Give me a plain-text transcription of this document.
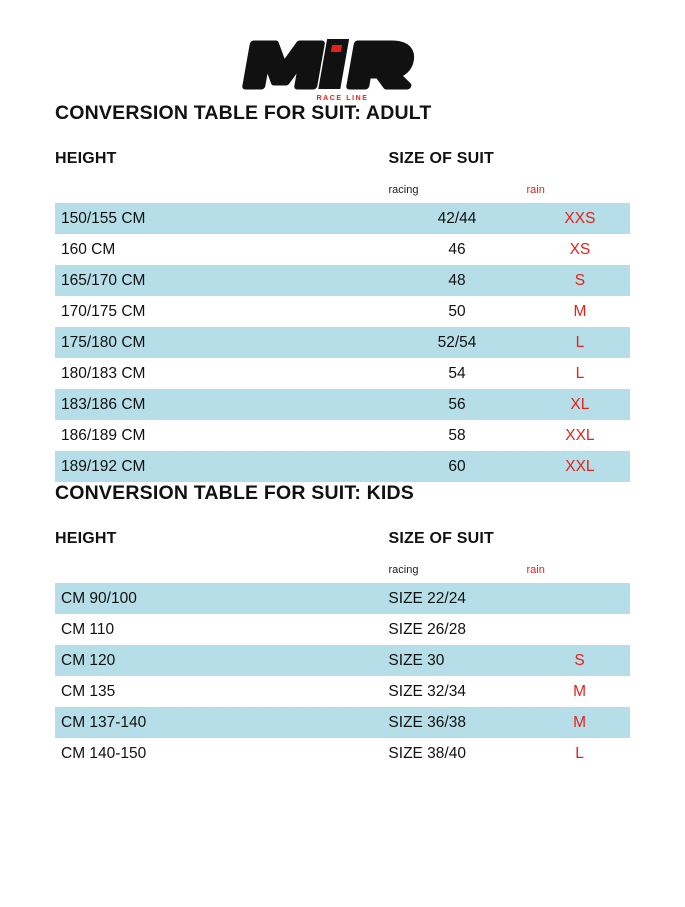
RACE LINE
CONVERSION TABLE FOR SUIT: ADULT
HEIGHT	SIZE OF SUIT
racing	rain
150/155 CM	42/44	XXS
160 CM	46	XS
165/170 CM	48	S
170/175 CM	50	M
175/180 CM	52/54	L
180/183 CM	54	L
183/186 CM	56	XL
186/189 CM	58	XXL
189/192 CM	60	XXL
CONVERSION TABLE FOR SUIT: KIDS
HEIGHT	SIZE OF SUIT
racing	rain
CM 90/100	SIZE 22/24	
CM 110	SIZE 26/28	
CM 120	SIZE 30	S
CM 135	SIZE 32/34	M
CM 137-140	SIZE 36/38	M
CM 140-150	SIZE 38/40	L
